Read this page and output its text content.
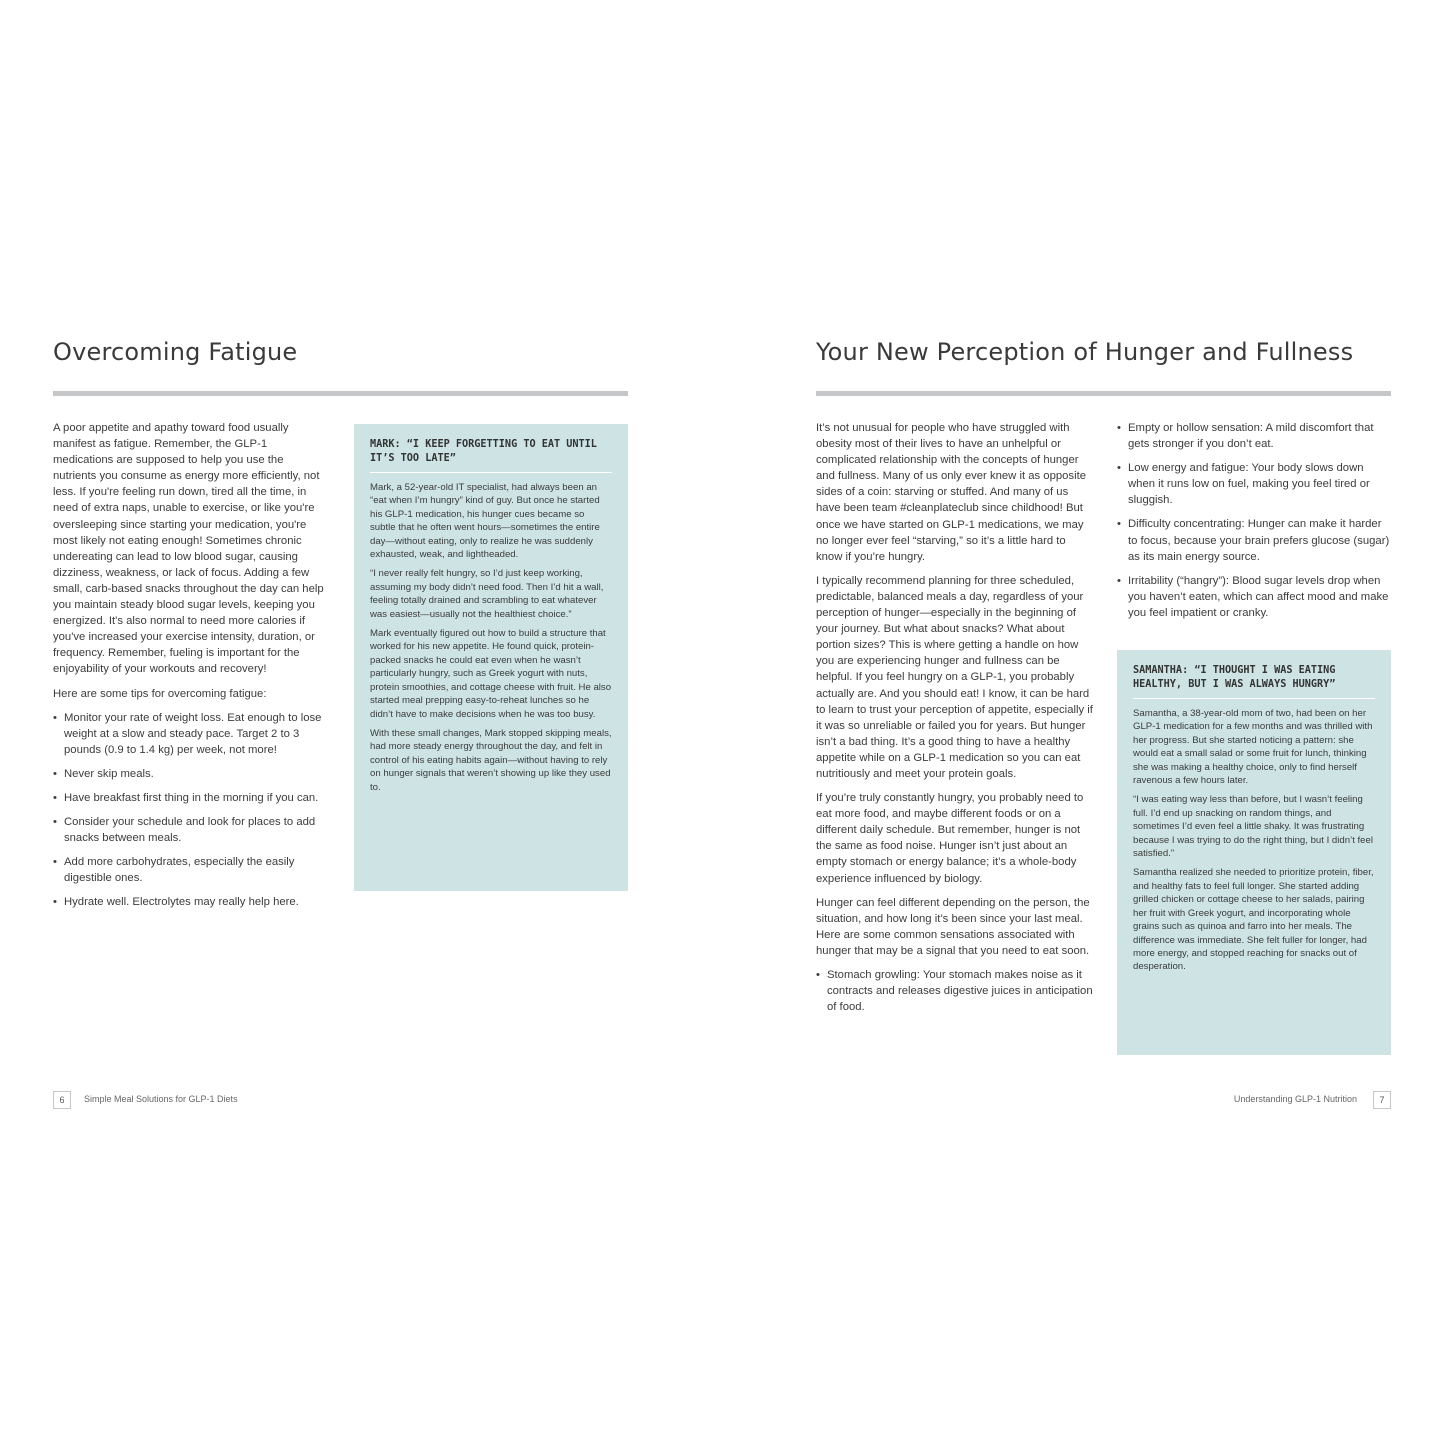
Overcoming Fatigue

A poor appetite and apathy toward food usually manifest as fatigue. Remember, the GLP-1 medications are supposed to help you use the nutrients you consume as energy more efficiently, not less. If you're feeling run down, tired all the time, in need of extra naps, unable to exercise, or like you're oversleeping since starting your medication, you're most likely not eating enough! Sometimes chronic undereating can lead to low blood sugar, causing dizziness, weakness, or lack of focus. Adding a few small, carb-based snacks throughout the day can help you maintain steady blood sugar levels, keeping you energized. It's also normal to need more calories if you've increased your exercise intensity, duration, or frequency. Remember, fueling is important for the enjoyability of your workouts and recovery!

Here are some tips for overcoming fatigue:

• Monitor your rate of weight loss. Eat enough to lose weight at a slow and steady pace. Target 2 to 3 pounds (0.9 to 1.4 kg) per week, not more!
• Never skip meals.
• Have breakfast first thing in the morning if you can.
• Consider your schedule and look for places to add snacks between meals.
• Add more carbohydrates, especially the easily digestible ones.
• Hydrate well. Electrolytes may really help here.
MARK: “I KEEP FORGETTING TO EAT UNTIL IT’S TOO LATE”

Mark, a 52-year-old IT specialist, had always been an “eat when I’m hungry” kind of guy. But once he started his GLP-1 medication, his hunger cues became so subtle that he often went hours—sometimes the entire day—without eating, only to realize he was suddenly exhausted, weak, and lightheaded.

“I never really felt hungry, so I’d just keep working, assuming my body didn’t need food. Then I’d hit a wall, feeling totally drained and scrambling to eat whatever was easiest—usually not the healthiest choice.”

Mark eventually figured out how to build a structure that worked for his new appetite. He found quick, protein-packed snacks he could eat even when he wasn’t particularly hungry, such as Greek yogurt with nuts, protein smoothies, and cottage cheese with fruit. He also started meal prepping easy-to-reheat lunches so he didn’t have to make decisions when he was too busy.

With these small changes, Mark stopped skipping meals, had more steady energy throughout the day, and felt in control of his eating habits again—without having to rely on hunger signals that weren’t showing up like they used to.

6	Simple Meal Solutions for GLP-1 Diets
Your New Perception of Hunger and Fullness

It’s not unusual for people who have struggled with obesity most of their lives to have an unhelpful or complicated relationship with the concepts of hunger and fullness. Many of us only ever knew it as opposite sides of a coin: starving or stuffed. And many of us have been team #cleanplateclub since childhood! But once we have started on GLP-1 medications, we may no longer ever feel “starving,” so it’s a little hard to know if you’re hungry.

I typically recommend planning for three scheduled, predictable, balanced meals a day, regardless of your perception of hunger—especially in the beginning of your journey. But what about snacks? What about portion sizes? This is where getting a handle on how you are experiencing hunger and fullness can be helpful. If you feel hungry on a GLP-1, you probably actually are. And you should eat! I know, it can be hard to learn to trust your perception of appetite, especially if it was so unreliable or failed you for years. But hunger isn’t a bad thing. It’s a good thing to have a healthy appetite while on a GLP-1 medication so you can eat nutritiously and meet your protein goals.

If you’re truly constantly hungry, you probably need to eat more food, and maybe different foods or on a different daily schedule. But remember, hunger is not the same as food noise. Hunger isn’t just about an empty stomach or energy balance; it’s a whole-body experience influenced by biology.

Hunger can feel different depending on the person, the situation, and how long it’s been since your last meal. Here are some common sensations associated with hunger that may be a signal that you need to eat soon.

• Stomach growling: Your stomach makes noise as it contracts and releases digestive juices in anticipation of food.
• Empty or hollow sensation: A mild discomfort that gets stronger if you don’t eat.
• Low energy and fatigue: Your body slows down when it runs low on fuel, making you feel tired or sluggish.
• Difficulty concentrating: Hunger can make it harder to focus, because your brain prefers glucose (sugar) as its main energy source.
• Irritability (“hangry”): Blood sugar levels drop when you haven’t eaten, which can affect mood and make you feel impatient or cranky.
SAMANTHA: “I THOUGHT I WAS EATING HEALTHY, BUT I WAS ALWAYS HUNGRY”

Samantha, a 38-year-old mom of two, had been on her GLP-1 medication for a few months and was thrilled with her progress. But she started noticing a pattern: she would eat a small salad or some fruit for lunch, thinking she was making a healthy choice, only to find herself ravenous a few hours later.

“I was eating way less than before, but I wasn’t feeling full. I’d end up snacking on random things, and sometimes I’d even feel a little shaky. It was frustrating because I was trying to do the right thing, but I didn’t feel satisfied.”

Samantha realized she needed to prioritize protein, fiber, and healthy fats to feel full longer. She started adding grilled chicken or cottage cheese to her salads, pairing her fruit with Greek yogurt, and incorporating whole grains such as quinoa and farro into her meals. The difference was immediate. She felt fuller for longer, had more energy, and stopped reaching for snacks out of desperation.

Understanding GLP-1 Nutrition	7
